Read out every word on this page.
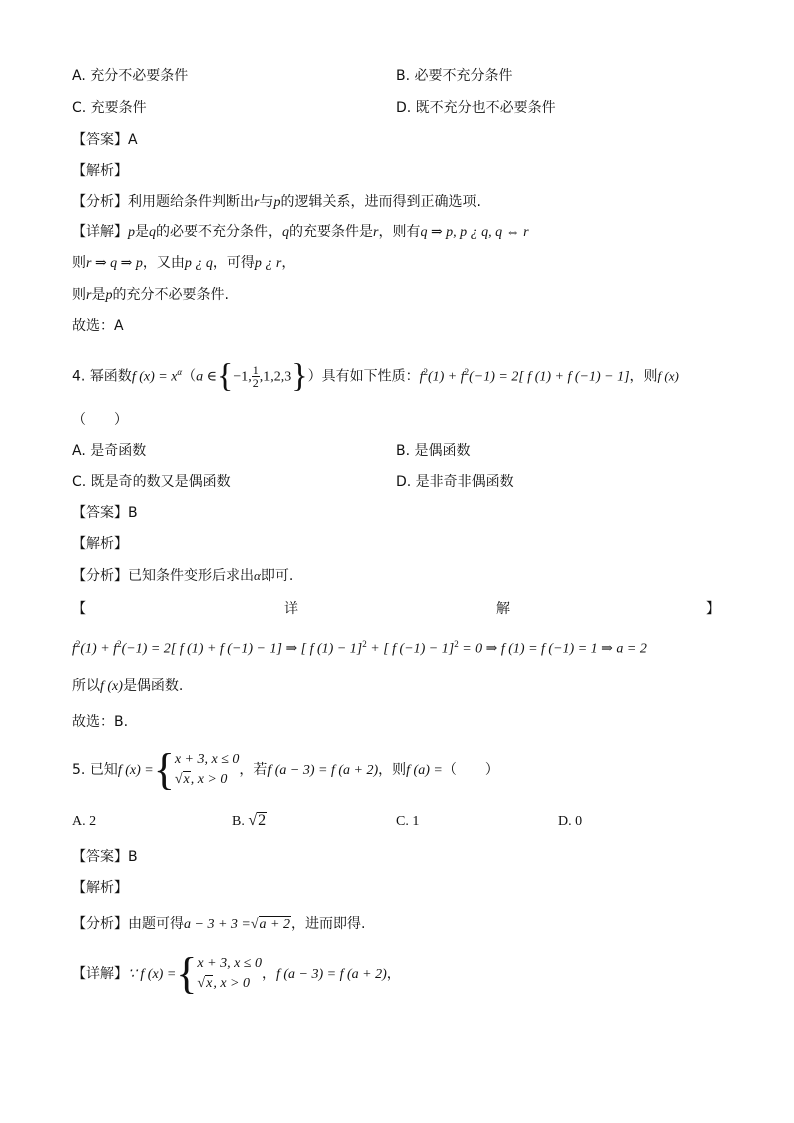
A. 充分不必要条件	B. 必要不充分条件
C. 充要条件	D. 既不充分也不必要条件
【答案】A
【解析】
【分析】利用题给条件判断出r与p的逻辑关系，进而得到正确选项.
【详解】p是q的必要不充分条件，q的充要条件是r，则有q ⇒ p, p ¿ q, q ⇔ r
则r ⇒ q ⇒ p，又由p ¿ q，可得p ¿ r，
则r是p的充分不必要条件.
故选：A
4. 幂函数f $(x) = x^\alpha(a$ ∈{−1, $\frac{1}{2} ,1,2,3$}）具有如下性质：$f^2(1) + f^2(-1) = 2$[ f (1) + f (−1) − 1]，则f (x)
（　　）
A. 是奇函数	B. 是偶函数
C. 既是奇的数又是偶函数	D. 是非奇非偶函数
【答案】B
【解析】
【分析】已知条件变形后求出α即可.
【	详	解	】
$f^2(1) + f^2(-1) = 2$[ f (1) + f (−1) − 1] ⇒ [ f (1) − 1]$^2$ + [ f (−1) − 1]$^2$ = 0 ⇒ f (1) = f (−1) = 1 ⇒ a = 2
所以f (x)是偶函数.
故选：B.
5. 已知f (x) ={ x + 3, x ≤ 0
√x, x > 0
，若f (a − 3) = f (a + 2)，则f (a) =（　　）
A. 2	B. √2	C. 1	D. 0
【答案】B
【解析】
【分析】由题可得a − 3 + 3 =√a + 2，进而即得.
【详解】∵ f (x) ={ x + 3, x ≤ 0
√x, x > 0
，f (a − 3) = f (a + 2)，
